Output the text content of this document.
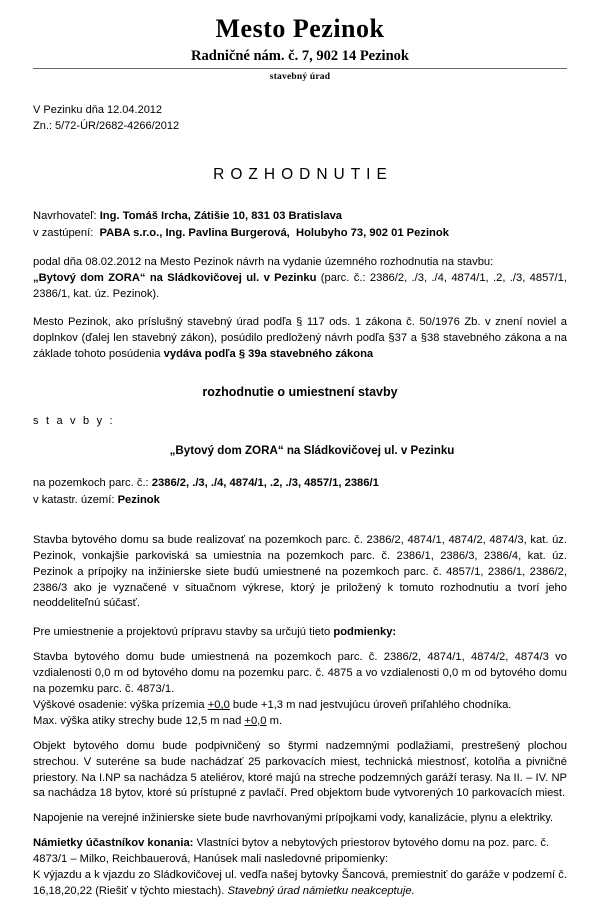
Mesto Pezinok
Radničné nám. č. 7, 902 14 Pezinok
stavebný úrad

V Pezinku dňa 12.04.2012

Zn.: 5/72-ÚR/2682-4266/2012

ROZHODNUTIE
Navrhovateľ: Ing. Tomáš Ircha, Zátišie 10, 831 03 Bratislava
v zastúpení: PABA s.r.o., Ing. Pavlina Burgerová,  Holubyho 73, 902 01 Pezinok

podal dňa 08.02.2012 na Mesto Pezinok návrh na vydanie územného rozhodnutia na stavbu:

„Bytový dom ZORA“ na Sládkovičovej ul. v Pezinku (parc. č.: 2386/2, ./3, ./4, 4874/1, .2, ./3, 4857/1, 2386/1, kat. úz. Pezinok).

Mesto Pezinok, ako príslušný stavebný úrad podľa § 117 ods. 1 zákona č. 50/1976 Zb. v znení noviel a doplnkov (ďalej len stavebný zákon), posúdilo predložený návrh podľa §37 a §38 stavebného zákona a na základe tohoto posúdenia vydáva podľa § 39a stavebného zákona
rozhodnutie o umiestnení stavby
s t a v b y :
„Bytový dom ZORA“ na Sládkovičovej ul. v Pezinku

na pozemkoch parc. č.: 2386/2, ./3, ./4, 4874/1, .2, ./3, 4857/1, 2386/1

v katastr. území: Pezinok

Stavba bytového domu sa bude realizovať na pozemkoch parc. č. 2386/2, 4874/1, 4874/2, 4874/3, kat. úz. Pezinok, vonkajšie parkoviská sa umiestnia na pozemkoch parc. č. 2386/1, 2386/3, 2386/4, kat. úz. Pezinok a prípojky na inžinierske siete budú umiestnené na pozemkoch parc. č. 4857/1, 2386/1, 2386/2, 2386/3 ako je vyznačené v situačnom výkrese, ktorý je priložený k tomuto rozhodnutiu a tvorí jeho neoddeliteľnú súčasť.
Pre umiestnenie a projektovú prípravu stavby sa určujú tieto podmienky:
Stavba bytového domu bude umiestnená na pozemkoch parc. č. 2386/2, 4874/1, 4874/2, 4874/3 vo vzdialenosti 0,0 m od bytového domu na pozemku parc. č. 4875 a vo vzdialenosti 0,0 m od bytového domu na pozemku parc. č. 4873/1.

Výškové osadenie: výška prízemia +0,0 bude +1,3 m nad jestvujúcu úroveň priľahlého chodníka.

Max. výška atiky strechy bude 12,5 m nad +0,0 m.

Objekt bytového domu bude podpivničený so štyrmi nadzemnými podlažiami, prestrešený plochou strechou. V suteréne sa bude nachádzať 25 parkovacích miest, technická miestnosť, kotolňa a pivničné priestory. Na I.NP sa nachádza 5 ateliérov, ktoré majú na streche podzemných garáží terasy. Na II. – IV. NP sa nachádza 18 bytov, ktoré sú prístupné z pavlačí. Pred objektom bude vytvorených 10 parkovacích miest.
Napojenie na verejné inžinierske siete bude navrhovanými prípojkami vody, kanalizácie, plynu a elektriky.
Námietky účastníkov konania: Vlastníci bytov a nebytových priestorov bytového domu na poz. parc. č. 4873/1 – Milko, Reichbauerová, Hanúsek mali nasledovné pripomienky:
K výjazdu a k vjazdu zo Sládkovičovej ul. vedľa našej bytovky Šancová, premiestniť do garáže v podzemí č. 16,18,20,22 (Riešiť v týchto miestach). Stavebný úrad námietku neakceptuje.
